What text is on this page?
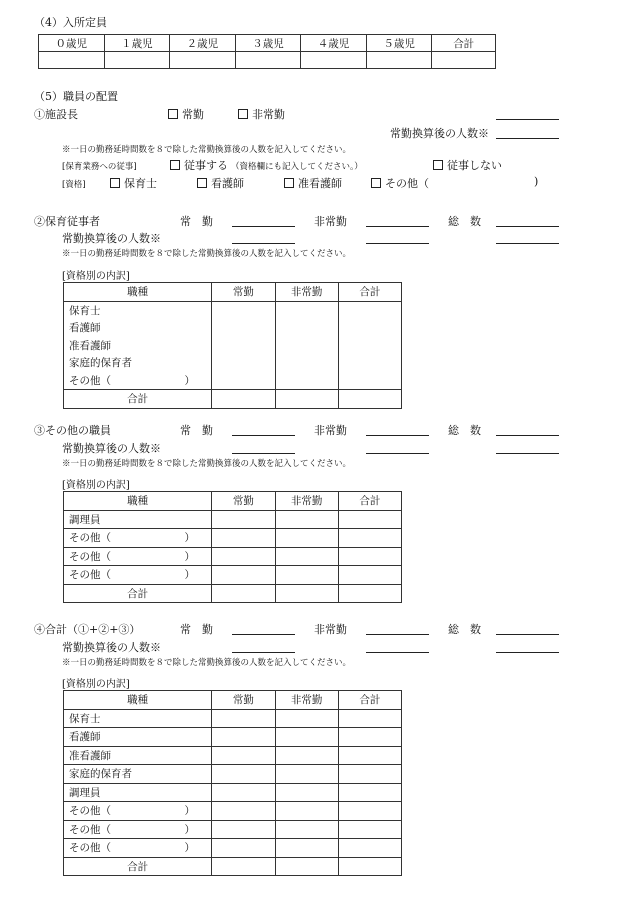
（4）入所定員
０歳児	１歳児	２歳児	３歳児	４歳児	５歳児	合計

（5）職員の配置
①施設長	常勤	非常勤
常勤換算後の人数※
※一日の勤務延時間数を８で除した常勤換算後の人数を記入してください。
[保育業務への従事]	従事する （資格欄にも記入してください。）	従事しない
[資格]	保育士	看護師	准看護師	その他（	)
②保育従事者	常　勤	非常勤	総　数
常勤換算後の人数※
※一日の勤務延時間数を８で除した常勤換算後の人数を記入してください。
[資格別の内訳]
職種	常勤	非常勤	合計
保育士			
看護師			
准看護師			
家庭的保育者			
その他（　　　　　　　）			
合計			
③その他の職員	常　勤	非常勤	総　数
常勤換算後の人数※
※一日の勤務延時間数を８で除した常勤換算後の人数を記入してください。
[資格別の内訳]
職種	常勤	非常勤	合計
調理員			
その他（　　　　　　　）			
その他（　　　　　　　）			
その他（　　　　　　　）			
合計			
④合計（①+②+③）	常　勤	非常勤	総　数
常勤換算後の人数※
※一日の勤務延時間数を８で除した常勤換算後の人数を記入してください。
[資格別の内訳]
職種	常勤	非常勤	合計
保育士			
看護師			
准看護師			
家庭的保育者			
調理員			
その他（　　　　　　　）			
その他（　　　　　　　）			
その他（　　　　　　　）			
合計			
